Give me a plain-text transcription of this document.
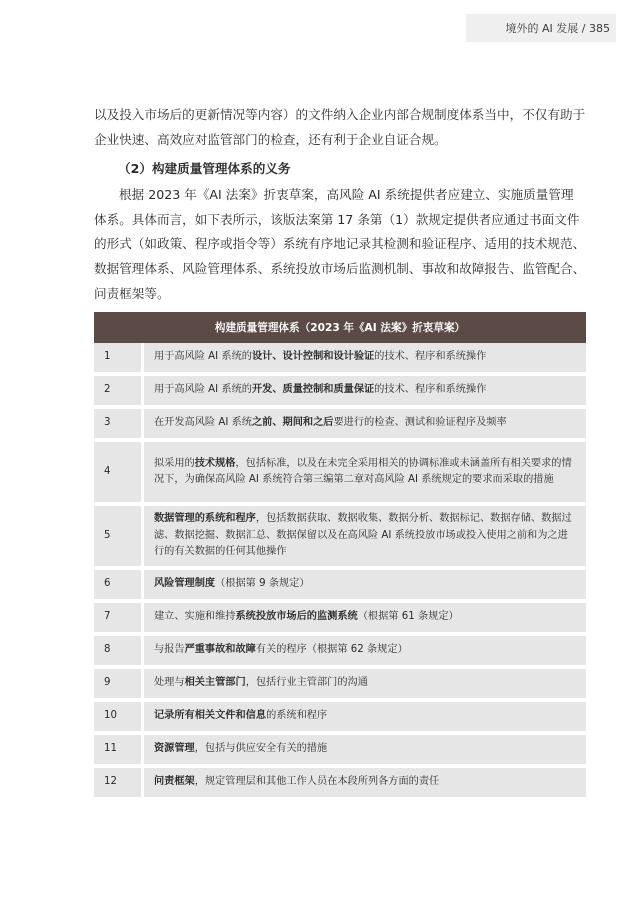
境外的 AI 发展 / 385
以及投入市场后的更新情况等内容）的文件纳入企业内部合规制度体系当中，不仅有助于企业快速、高效应对监管部门的检查，还有利于企业自证合规。
（2）构建质量管理体系的义务
根据 2023 年《AI 法案》折衷草案，高风险 AI 系统提供者应建立、实施质量管理体系。具体而言，如下表所示，该版法案第 17 条第（1）款规定提供者应通过书面文件的形式（如政策、程序或指令等）系统有序地记录其检测和验证程序、适用的技术规范、数据管理体系、风险管理体系、系统投放市场后监测机制、事故和故障报告、监管配合、问责框架等。
构建质量管理体系（2023 年《AI 法案》折衷草案）	
1	用于高风险 AI 系统的设计、设计控制和设计验证的技术、程序和系统操作
2	用于高风险 AI 系统的开发、质量控制和质量保证的技术、程序和系统操作
3	在开发高风险 AI 系统之前、期间和之后要进行的检查、测试和验证程序及频率
4	拟采用的技术规格，包括标准，以及在未完全采用相关的协调标准或未涵盖所有相关要求的情况下，为确保高风险 AI 系统符合第三编第二章对高风险 AI 系统规定的要求而采取的措施
5	数据管理的系统和程序，包括数据获取、数据收集、数据分析、数据标记、数据存储、数据过滤、数据挖掘、数据汇总、数据保留以及在高风险 AI 系统投放市场或投入使用之前和为之进行的有关数据的任何其他操作
6	风险管理制度（根据第 9 条规定）
7	建立、实施和维持系统投放市场后的监测系统（根据第 61 条规定）
8	与报告严重事故和故障有关的程序（根据第 62 条规定）
9	处理与相关主管部门，包括行业主管部门的沟通
10	记录所有相关文件和信息的系统和程序
11	资源管理，包括与供应安全有关的措施
12	问责框架，规定管理层和其他工作人员在本段所列各方面的责任
